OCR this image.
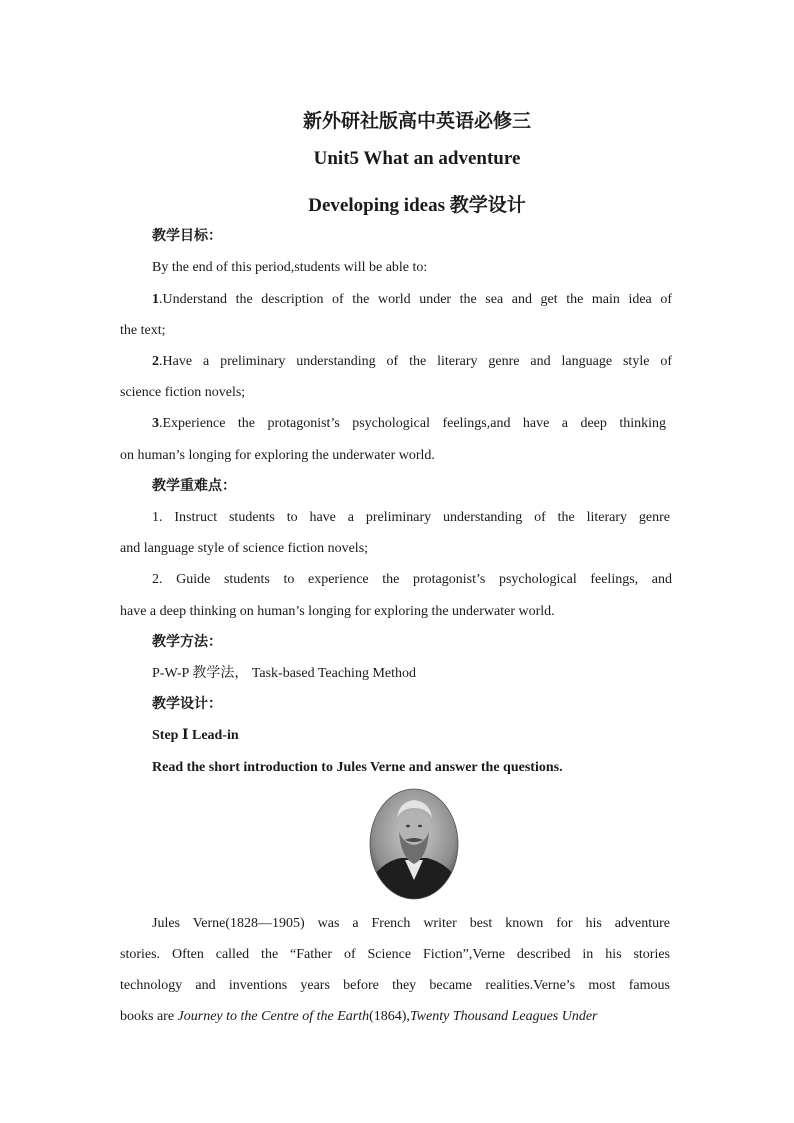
新外研社版高中英语必修三
Unit5 What an adventure
Developing ideas 教学设计
教学目标：
By the end of this period,students will be able to:
1.Understand the description of the world under the sea and get the main idea of
the text;
2.Have a preliminary understanding of the literary genre and language style of
science fiction novels;
3.Experience the protagonist’s psychological feelings,and have a deep thinking
on human’s longing for exploring the underwater world.
教学重难点：
1. Instruct students to have a preliminary understanding of the literary genre
and language style of science fiction novels;
2. Guide students to experience the protagonist’s psychological feelings, and
have a deep thinking on human’s longing for exploring the underwater world.
教学方法：
P-W-P 教学法， Task-based Teaching Method
教学设计：
Step Ⅰ Lead-in
Read the short introduction to Jules Verne and answer the questions.
Jules Verne(1828—1905) was a French writer best known for his adventure
stories. Often called the “Father of Science Fiction”,Verne described in his stories
technology and inventions years before they became realities.Verne’s most famous
books are Journey to the Centre of the Earth(1864),Twenty Thousand Leagues Under
